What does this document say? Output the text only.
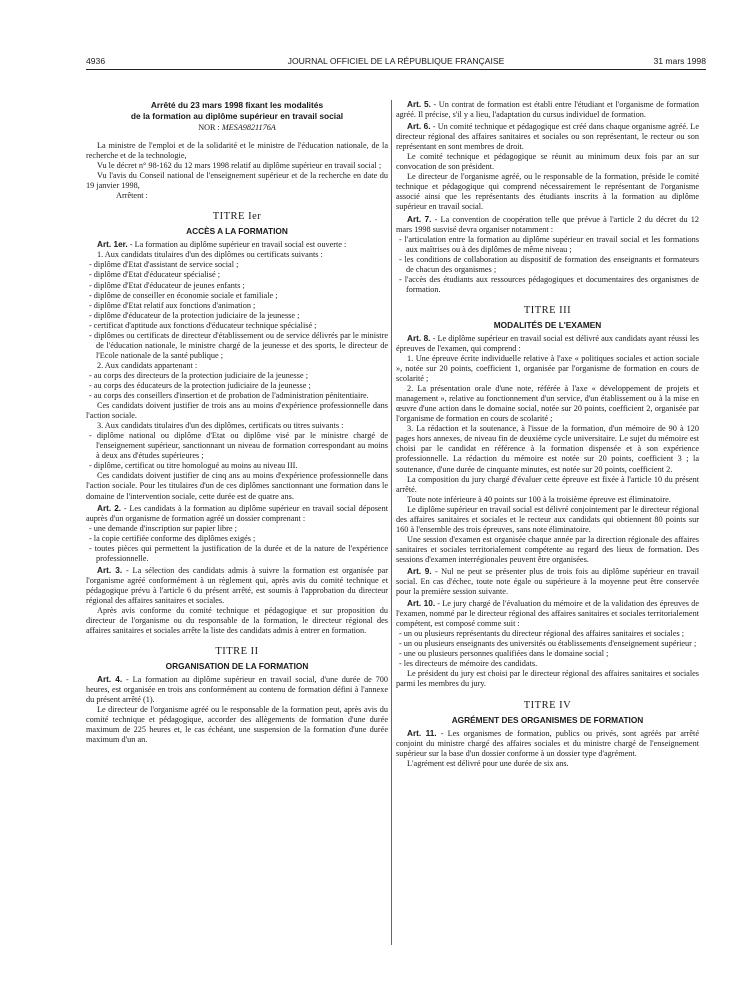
4936	JOURNAL OFFICIEL DE LA RÉPUBLIQUE FRANÇAISE	31 mars 1998
Arrêté du 23 mars 1998 fixant les modalités
de la formation au diplôme supérieur en travail social
NOR : MESA9821176A

La ministre de l'emploi et de la solidarité et le ministre de l'éducation nationale, de la recherche et de la technologie,

Vu le décret n° 98-162 du 12 mars 1998 relatif au diplôme supérieur en travail social ;

Vu l'avis du Conseil national de l'enseignement supérieur et de la recherche en date du 19 janvier 1998,

Arrêtent :

TITRE Ier
ACCÈS A LA FORMATION

Art. 1er. - La formation au diplôme supérieur en travail social est ouverte :

1. Aux candidats titulaires d'un des diplômes ou certificats suivants :

- diplôme d'Etat d'assistant de service social ;

- diplôme d'Etat d'éducateur spécialisé ;

- diplôme d'Etat d'éducateur de jeunes enfants ;

- diplôme de conseiller en économie sociale et familiale ;

- diplôme d'Etat relatif aux fonctions d'animation ;

- diplôme d'éducateur de la protection judiciaire de la jeunesse ;

- certificat d'aptitude aux fonctions d'éducateur technique spécialisé ;

- diplômes ou certificats de directeur d'établissement ou de service délivrés par le ministre de l'éducation nationale, le ministre chargé de la jeunesse et des sports, le directeur de l'Ecole nationale de la santé publique ;

2. Aux candidats appartenant :

- au corps des directeurs de la protection judiciaire de la jeunesse ;

- au corps des éducateurs de la protection judiciaire de la jeunesse ;

- au corps des conseillers d'insertion et de probation de l'administration pénitentiaire.

Ces candidats doivent justifier de trois ans au moins d'expérience professionnelle dans l'action sociale.

3. Aux candidats titulaires d'un des diplômes, certificats ou titres suivants :

- diplôme national ou diplôme d'Etat ou diplôme visé par le ministre chargé de l'enseignement supérieur, sanctionnant un niveau de formation correspondant au moins à deux ans d'études supérieures ;

- diplôme, certificat ou titre homologué au moins au niveau III.

Ces candidats doivent justifier de cinq ans au moins d'expérience professionnelle dans l'action sociale. Pour les titulaires d'un de ces diplômes sanctionnant une formation dans le domaine de l'intervention sociale, cette durée est de quatre ans.

Art. 2. - Les candidats à la formation au diplôme supérieur en travail social déposent auprès d'un organisme de formation agréé un dossier comprenant :

- une demande d'inscription sur papier libre ;

- la copie certifiée conforme des diplômes exigés ;

- toutes pièces qui permettent la justification de la durée et de la nature de l'expérience professionnelle.

Art. 3. - La sélection des candidats admis à suivre la formation est organisée par l'organisme agréé conformément à un règlement qui, après avis du comité technique et pédagogique prévu à l'article 6 du présent arrêté, est soumis à l'approbation du directeur régional des affaires sanitaires et sociales.

Après avis conforme du comité technique et pédagogique et sur proposition du directeur de l'organisme ou du responsable de la formation, le directeur régional des affaires sanitaires et sociales arrête la liste des candidats admis à entrer en formation.

TITRE II
ORGANISATION DE LA FORMATION

Art. 4. - La formation au diplôme supérieur en travail social, d'une durée de 700 heures, est organisée en trois ans conformément au contenu de formation défini à l'annexe du présent arrêté (1).

Le directeur de l'organisme agréé ou le responsable de la formation peut, après avis du comité technique et pédagogique, accorder des allègements de formation d'une durée maximum de 225 heures et, le cas échéant, une suspension de la formation d'une durée maximum d'un an.

Art. 5. - Un contrat de formation est établi entre l'étudiant et l'organisme de formation agréé. Il précise, s'il y a lieu, l'adaptation du cursus individuel de formation.

Art. 6. - Un comité technique et pédagogique est créé dans chaque organisme agréé. Le directeur régional des affaires sanitaires et sociales ou son représentant, le recteur ou son représentant en sont membres de droit.

Le comité technique et pédagogique se réunit au minimum deux fois par an sur convocation de son président.

Le directeur de l'organisme agréé, ou le responsable de la formation, préside le comité technique et pédagogique qui comprend nécessairement le représentant de l'organisme associé ainsi que les représentants des étudiants inscrits à la formation au diplôme supérieur en travail social.

Art. 7. - La convention de coopération telle que prévue à l'article 2 du décret du 12 mars 1998 susvisé devra organiser notamment :

- l'articulation entre la formation au diplôme supérieur en travail social et les formations aux maîtrises ou à des diplômes de même niveau ;

- les conditions de collaboration au dispositif de formation des enseignants et formateurs de chacun des organismes ;

- l'accès des étudiants aux ressources pédagogiques et documentaires des organismes de formation.

TITRE III
MODALITÉS DE L'EXAMEN

Art. 8. - Le diplôme supérieur en travail social est délivré aux candidats ayant réussi les épreuves de l'examen, qui comprend :

1. Une épreuve écrite individuelle relative à l'axe « politiques sociales et action sociale », notée sur 20 points, coefficient 1, organisée par l'organisme de formation en cours de scolarité ;

2. La présentation orale d'une note, référée à l'axe « développement de projets et management », relative au fonctionnement d'un service, d'un établissement ou à la mise en œuvre d'une action dans le domaine social, notée sur 20 points, coefficient 2, organisée par l'organisme de formation en cours de scolarité ;

3. La rédaction et la soutenance, à l'issue de la formation, d'un mémoire de 90 à 120 pages hors annexes, de niveau fin de deuxième cycle universitaire. Le sujet du mémoire est choisi par le candidat en référence à la formation dispensée et à son expérience professionnelle. La rédaction du mémoire est notée sur 20 points, coefficient 3 ; la soutenance, d'une durée de cinquante minutes, est notée sur 20 points, coefficient 2.

La composition du jury chargé d'évaluer cette épreuve est fixée à l'article 10 du présent arrêté.

Toute note inférieure à 40 points sur 100 à la troisième épreuve est éliminatoire.

Le diplôme supérieur en travail social est délivré conjointement par le directeur régional des affaires sanitaires et sociales et le recteur aux candidats qui obtiennent 80 points sur 160 à l'ensemble des trois épreuves, sans note éliminatoire.

Une session d'examen est organisée chaque année par la direction régionale des affaires sanitaires et sociales territorialement compétente au regard des lieux de formation. Des sessions d'examen interrégionales peuvent être organisées.

Art. 9. - Nul ne peut se présenter plus de trois fois au diplôme supérieur en travail social. En cas d'échec, toute note égale ou supérieure à la moyenne peut être conservée pour la première session suivante.

Art. 10. - Le jury chargé de l'évaluation du mémoire et de la validation des épreuves de l'examen, nommé par le directeur régional des affaires sanitaires et sociales territorialement compétent, est composé comme suit :

- un ou plusieurs représentants du directeur régional des affaires sanitaires et sociales ;

- un ou plusieurs enseignants des universités ou établissements d'enseignement supérieur ;

- une ou plusieurs personnes qualifiées dans le domaine social ;

- les directeurs de mémoire des candidats.

Le président du jury est choisi par le directeur régional des affaires sanitaires et sociales parmi les membres du jury.

TITRE IV
AGRÉMENT DES ORGANISMES DE FORMATION

Art. 11. - Les organismes de formation, publics ou privés, sont agréés par arrêté conjoint du ministre chargé des affaires sociales et du ministre chargé de l'enseignement supérieur sur la base d'un dossier conforme à un dossier type d'agrément.

L'agrément est délivré pour une durée de six ans.
